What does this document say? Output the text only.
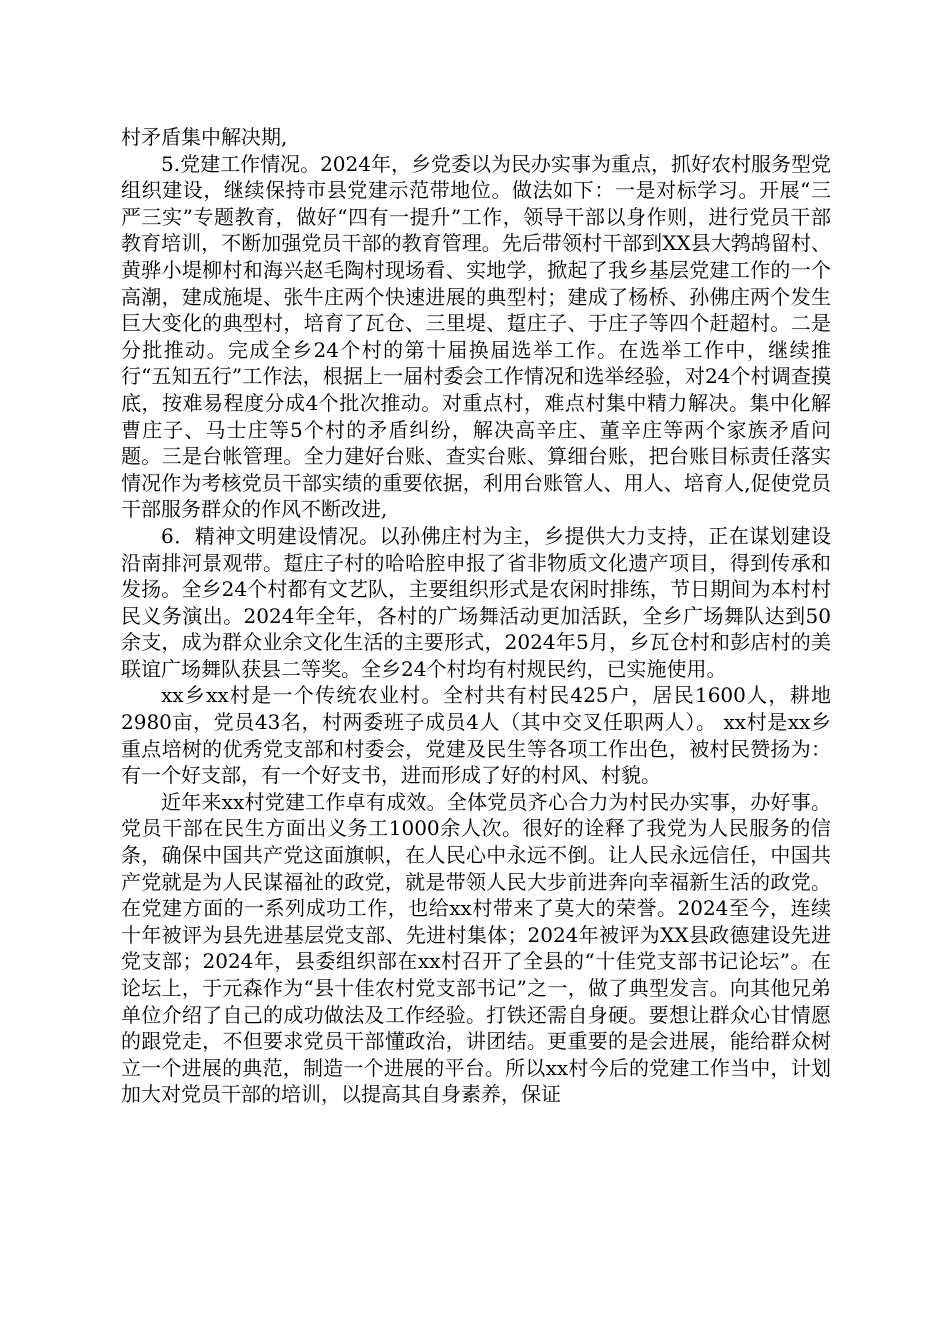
村矛盾集中解决期,

5.党建工作情况。2024年，乡党委以为民办实事为重点，抓好农村服务型党组织建设，继续保持市县党建示范带地位。做法如下：一是对标学习。开展“三严三实”专题教育，做好“四有一提升”工作，领导干部以身作则，进行党员干部教育培训，不断加强党员干部的教育管理。先后带领村干部到XX县大鹁鸪留村、黄骅小堤柳村和海兴赵毛陶村现场看、实地学，掀起了我乡基层党建工作的一个高潮，建成施堤、张牛庄两个快速进展的典型村；建成了杨桥、孙佛庄两个发生巨大变化的典型村，培育了瓦仓、三里堤、踅庄子、于庄子等四个赶超村。二是分批推动。完成全乡24个村的第十届换届选举工作。在选举工作中，继续推行“五知五行”工作法，根据上一届村委会工作情况和选举经验，对24个村调查摸底，按难易程度分成4个批次推动。对重点村，难点村集中精力解决。集中化解曹庄子、马士庄等5个村的矛盾纠纷，解决高辛庄、董辛庄等两个家族矛盾问题。三是台帐管理。全力建好台账、查实台账、算细台账，把台账目标责任落实情况作为考核党员干部实绩的重要依据，利用台账管人、用人、培育人,促使党员干部服务群众的作风不断改进,

6．精神文明建设情况。以孙佛庄村为主，乡提供大力支持，正在谋划建设沿南排河景观带。踅庄子村的哈哈腔申报了省非物质文化遗产项目，得到传承和发扬。全乡24个村都有文艺队，主要组织形式是农闲时排练，节日期间为本村村民义务演出。2024年全年，各村的广场舞活动更加活跃，全乡广场舞队达到50余支，成为群众业余文化生活的主要形式，2024年5月，乡瓦仓村和彭店村的美联谊广场舞队获县二等奖。全乡24个村均有村规民约，已实施使用。

xx乡xx村是一个传统农业村。全村共有村民425户，居民1600人，耕地2980亩，党员43名，村两委班子成员4人（其中交叉任职两人）。 xx村是xx乡重点培树的优秀党支部和村委会，党建及民生等各项工作出色，被村民赞扬为：有一个好支部，有一个好支书，进而形成了好的村风、村貌。

近年来xx村党建工作卓有成效。全体党员齐心合力为村民办实事，办好事。党员干部在民生方面出义务工1000余人次。很好的诠释了我党为人民服务的信条，确保中国共产党这面旗帜，在人民心中永远不倒。让人民永远信任，中国共产党就是为人民谋福祉的政党，就是带领人民大步前进奔向幸福新生活的政党。在党建方面的一系列成功工作，也给xx村带来了莫大的荣誉。2024至今，连续十年被评为县先进基层党支部、先进村集体；2024年被评为XX县政德建设先进党支部；2024年，县委组织部在xx村召开了全县的“十佳党支部书记论坛”。在论坛上，于元森作为“县十佳农村党支部书记”之一，做了典型发言。向其他兄弟单位介绍了自己的成功做法及工作经验。打铁还需自身硬。要想让群众心甘情愿的跟党走，不但要求党员干部懂政治，讲团结。更重要的是会进展，能给群众树立一个进展的典范，制造一个进展的平台。所以xx村今后的党建工作当中，计划加大对党员干部的培训，以提高其自身素养，保证
